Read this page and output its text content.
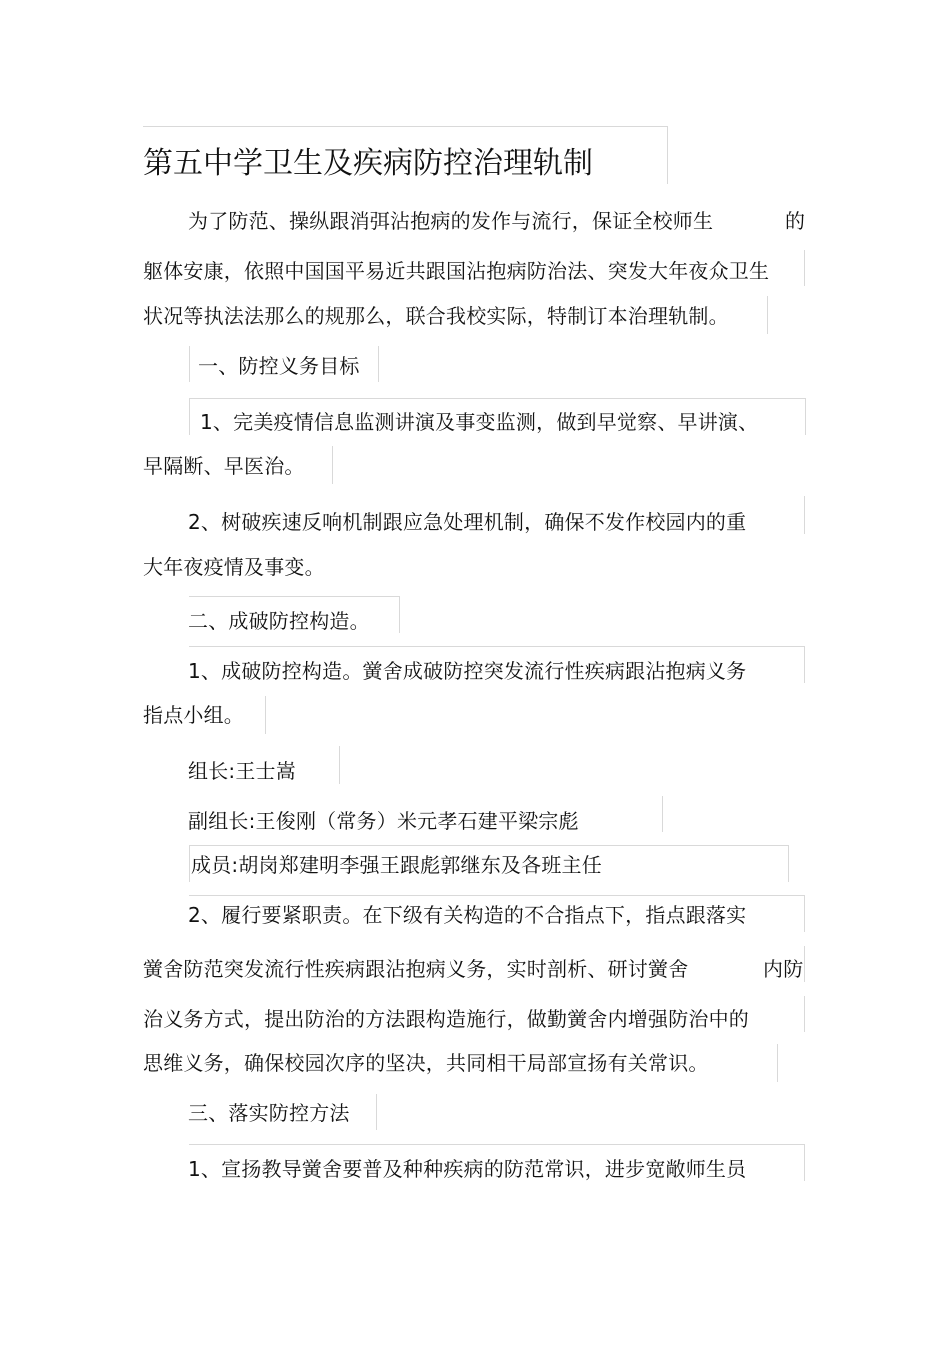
第五中学卫生及疾病防控治理轨制
为了防范、操纵跟消弭沾抱病的发作与流行，保证全校师生	的
躯体安康，依照中国国平易近共跟国沾抱病防治法、突发大年夜众卫生
状况等执法法那么的规那么，联合我校实际，特制订本治理轨制。
一、防控义务目标
1、完美疫情信息监测讲演及事变监测，做到早觉察、早讲演、
早隔断、早医治。
2、树破疾速反响机制跟应急处理机制，确保不发作校园内的重
大年夜疫情及事变。
二、成破防控构造。
1、成破防控构造。黉舍成破防控突发流行性疾病跟沾抱病义务
指点小组。
组长:王士嵩
副组长:王俊刚（常务）米元孝石建平梁宗彪
成员:胡岗郑建明李强王跟彪郭继东及各班主任
2、履行要紧职责。在下级有关构造的不合指点下，指点跟落实
黉舍防范突发流行性疾病跟沾抱病义务，实时剖析、研讨黉舍	内防
治义务方式，提出防治的方法跟构造施行，做勤黉舍内增强防治中的
思维义务，确保校园次序的坚决，共同相干局部宣扬有关常识。
三、落实防控方法
1、宣扬教导黉舍要普及种种疾病的防范常识，进步宽敞师生员
